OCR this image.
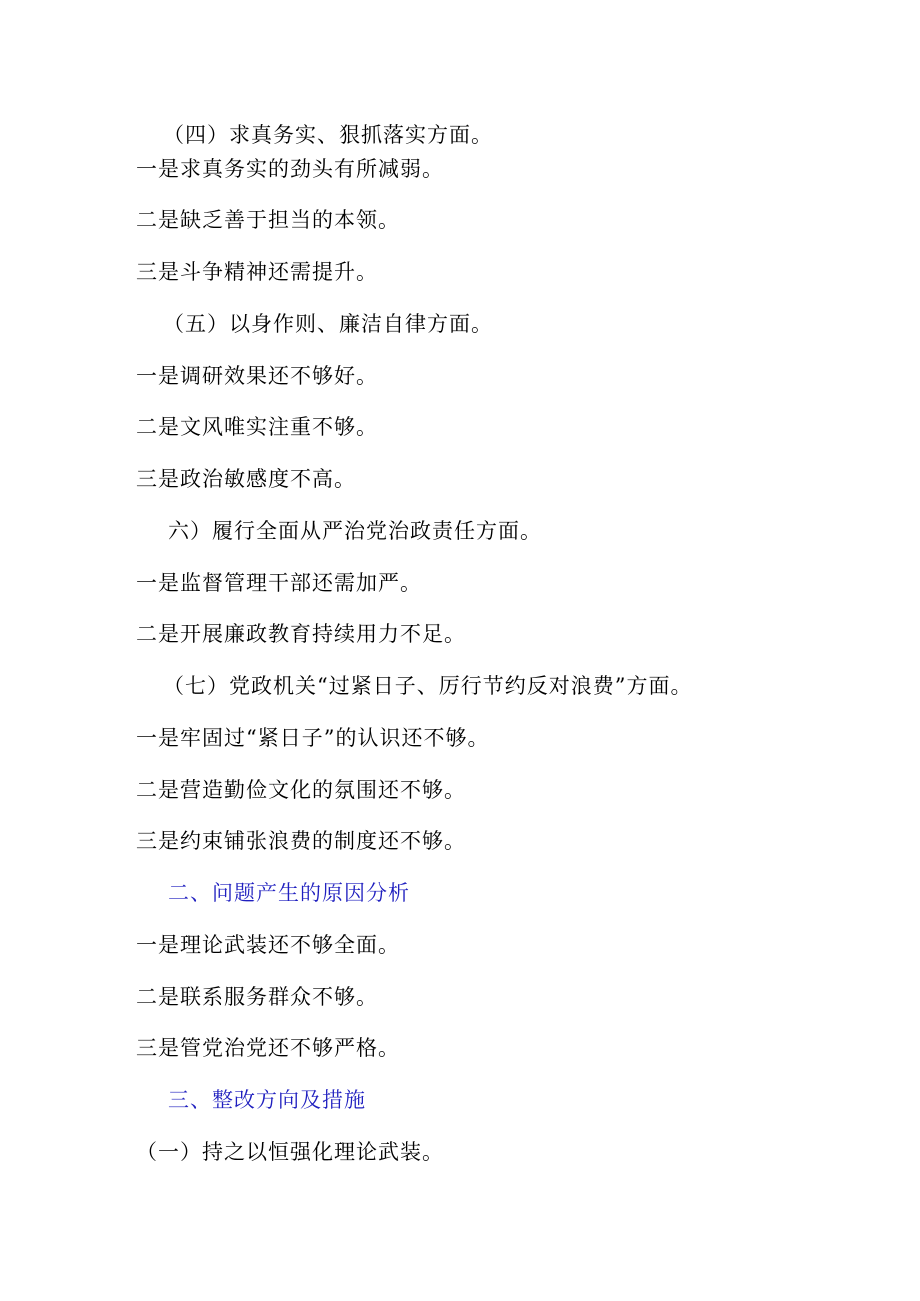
（四）求真务实、狠抓落实方面。
一是求真务实的劲头有所减弱。
二是缺乏善于担当的本领。
三是斗争精神还需提升。
（五）以身作则、廉洁自律方面。
一是调研效果还不够好。
二是文风唯实注重不够。
三是政治敏感度不高。
六）履行全面从严治党治政责任方面。
一是监督管理干部还需加严。
二是开展廉政教育持续用力不足。
（七）党政机关“过紧日子、厉行节约反对浪费”方面。
一是牢固过“紧日子”的认识还不够。
二是营造勤俭文化的氛围还不够。
三是约束铺张浪费的制度还不够。
二、问题产生的原因分析
一是理论武装还不够全面。
二是联系服务群众不够。
三是管党治党还不够严格。
三、整改方向及措施
（一）持之以恒强化理论武装。
